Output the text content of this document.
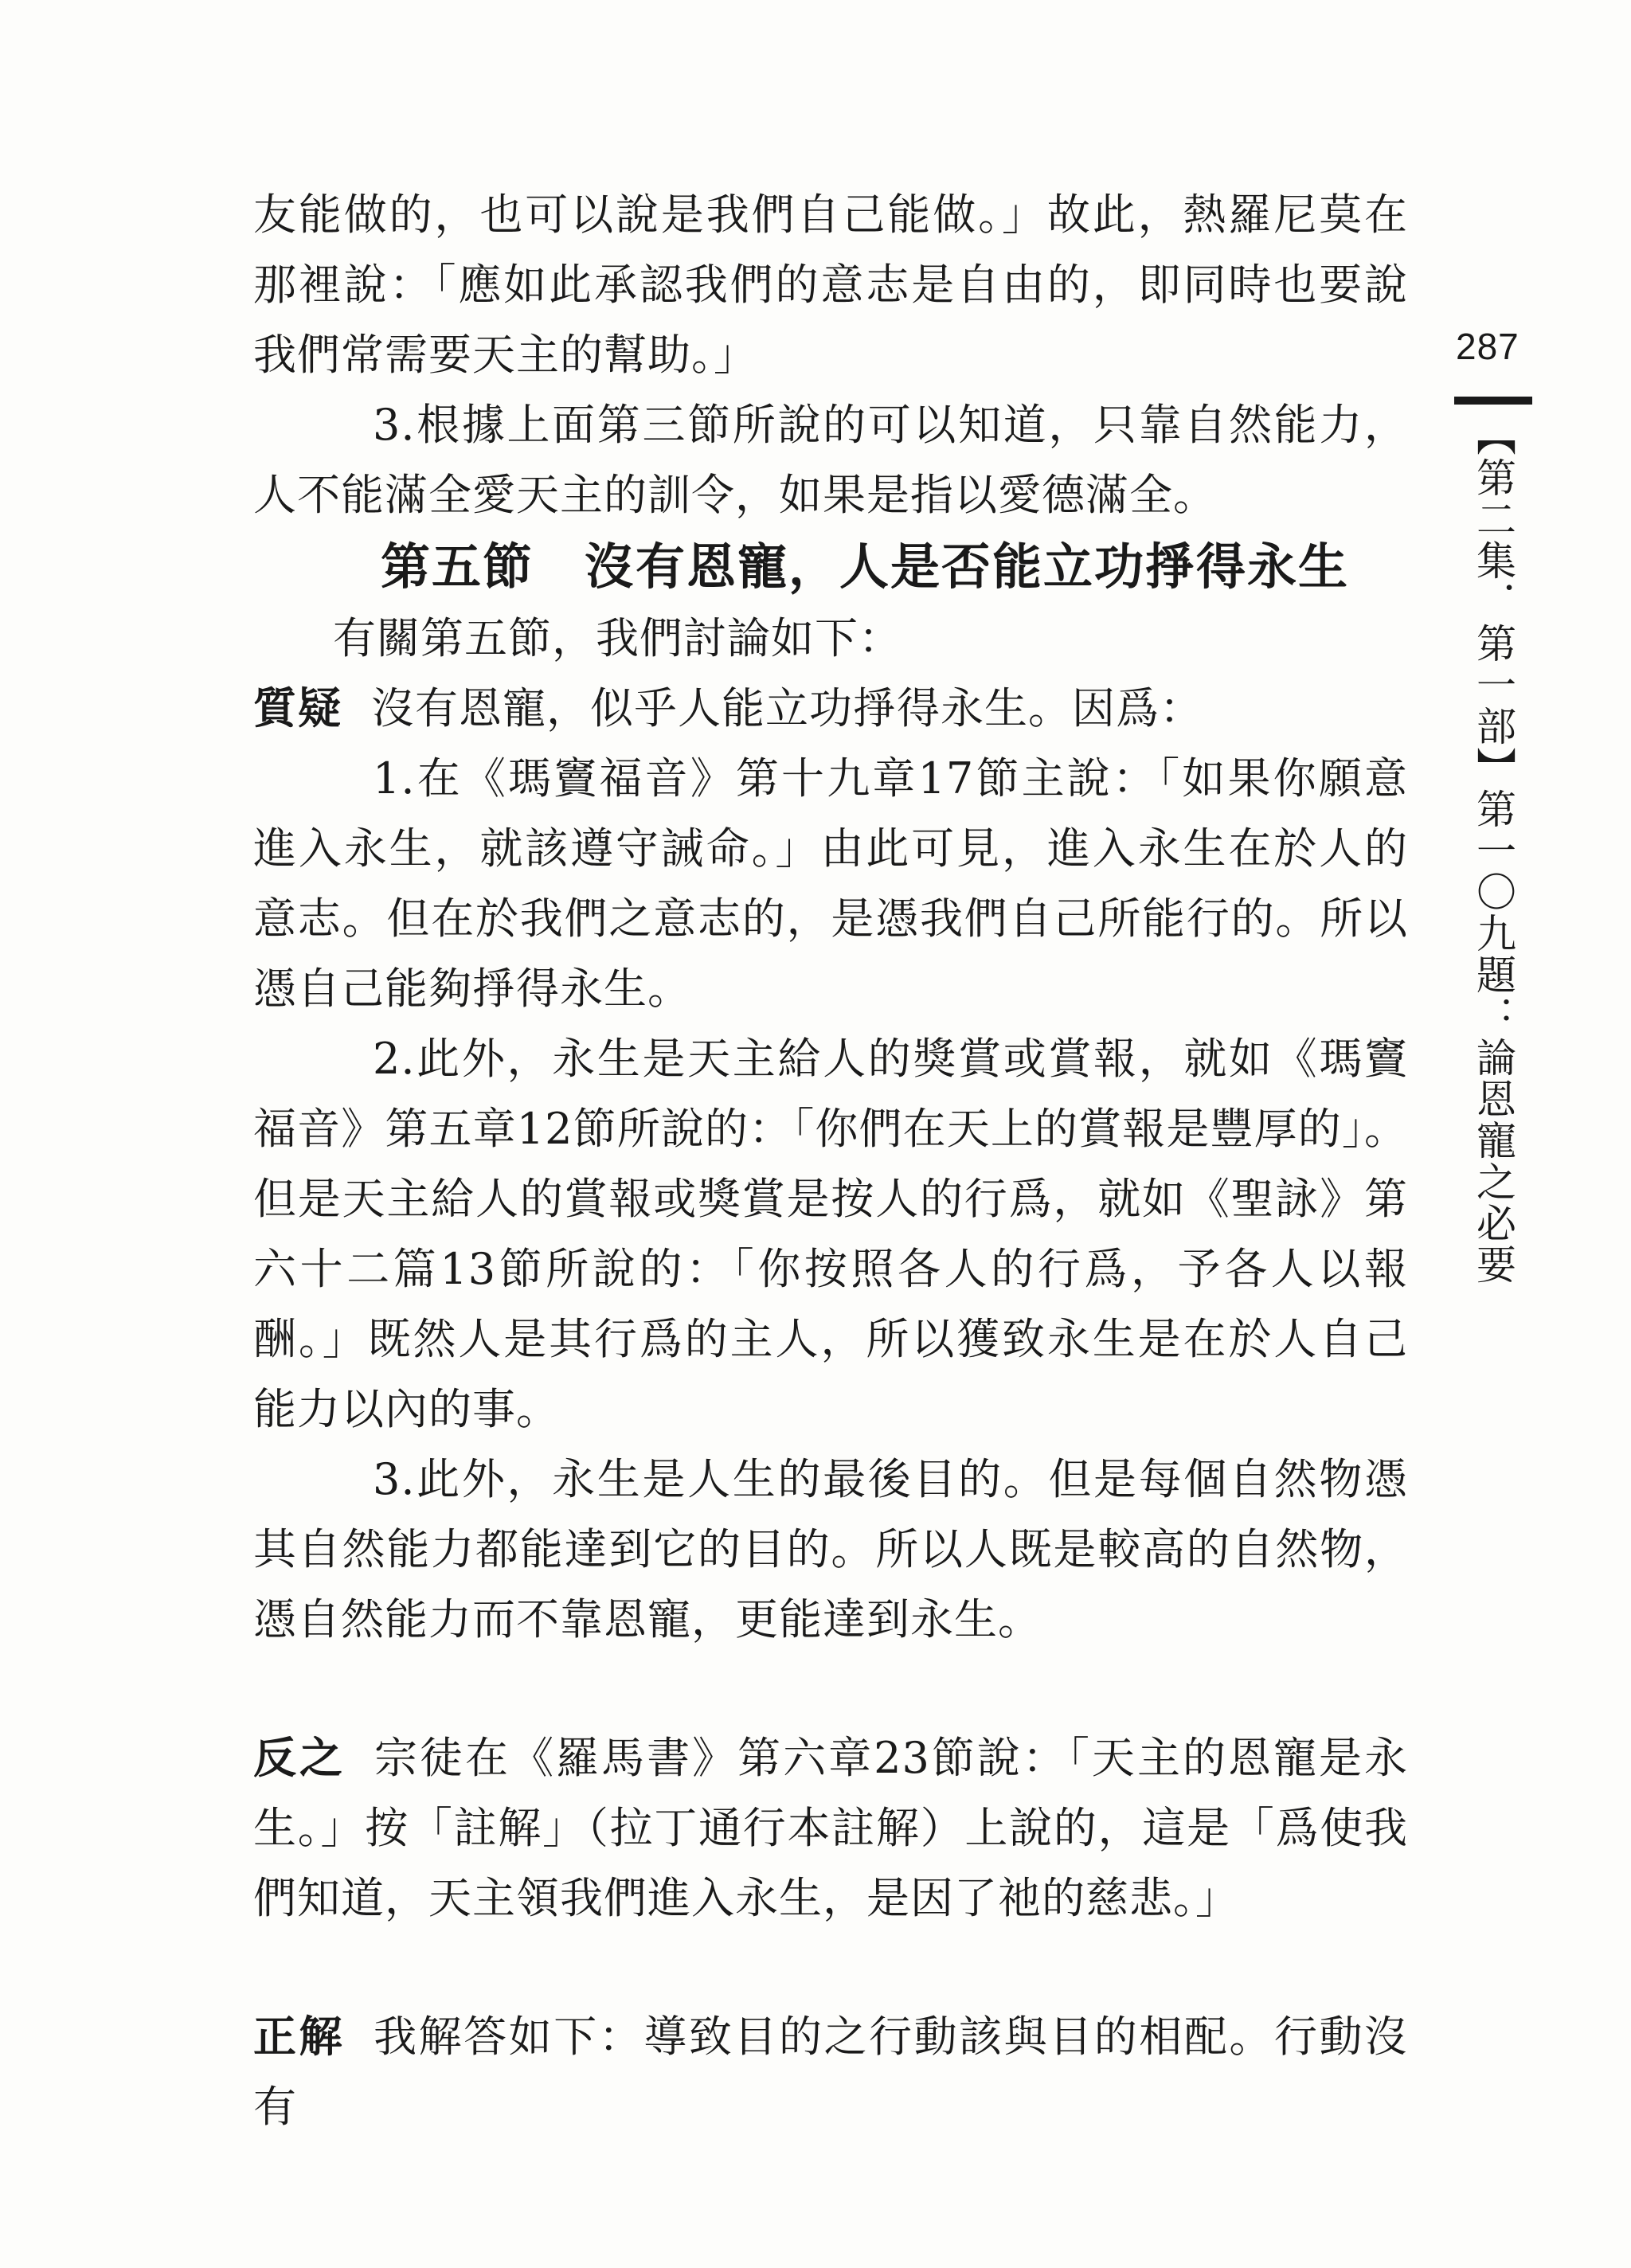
友能做的，也可以說是我們自己能做。」故此，熱羅尼莫在那裡說：「應如此承認我們的意志是自由的，即同時也要說我們常需要天主的幫助。」

3.根據上面第三節所說的可以知道，只靠自然能力，人不能滿全愛天主的訓令，如果是指以愛德滿全。

第五節　沒有恩寵，人是否能立功掙得永生

有關第五節，我們討論如下：

質疑 沒有恩寵，似乎人能立功掙得永生。因爲：

1.在《瑪竇福音》第十九章17節主說：「如果你願意進入永生，就該遵守誡命。」由此可見，進入永生在於人的意志。但在於我們之意志的，是憑我們自己所能行的。所以憑自己能夠掙得永生。

2.此外，永生是天主給人的獎賞或賞報，就如《瑪竇福音》第五章12節所說的：「你們在天上的賞報是豐厚的」。但是天主給人的賞報或獎賞是按人的行爲，就如《聖詠》第六十二篇13節所說的：「你按照各人的行爲，予各人以報酬。」既然人是其行爲的主人，所以獲致永生是在於人自己能力以內的事。

3.此外，永生是人生的最後目的。但是每個自然物憑其自然能力都能達到它的目的。所以人既是較高的自然物，憑自然能力而不靠恩寵，更能達到永生。

反之 宗徒在《羅馬書》第六章23節說：「天主的恩寵是永生。」按「註解」（拉丁通行本註解）上說的，這是「爲使我們知道，天主領我們進入永生，是因了祂的慈悲。」

正解 我解答如下：導致目的之行動該與目的相配。行動沒有

287
【第二集．第一部】第一〇九題：論恩寵之必要
